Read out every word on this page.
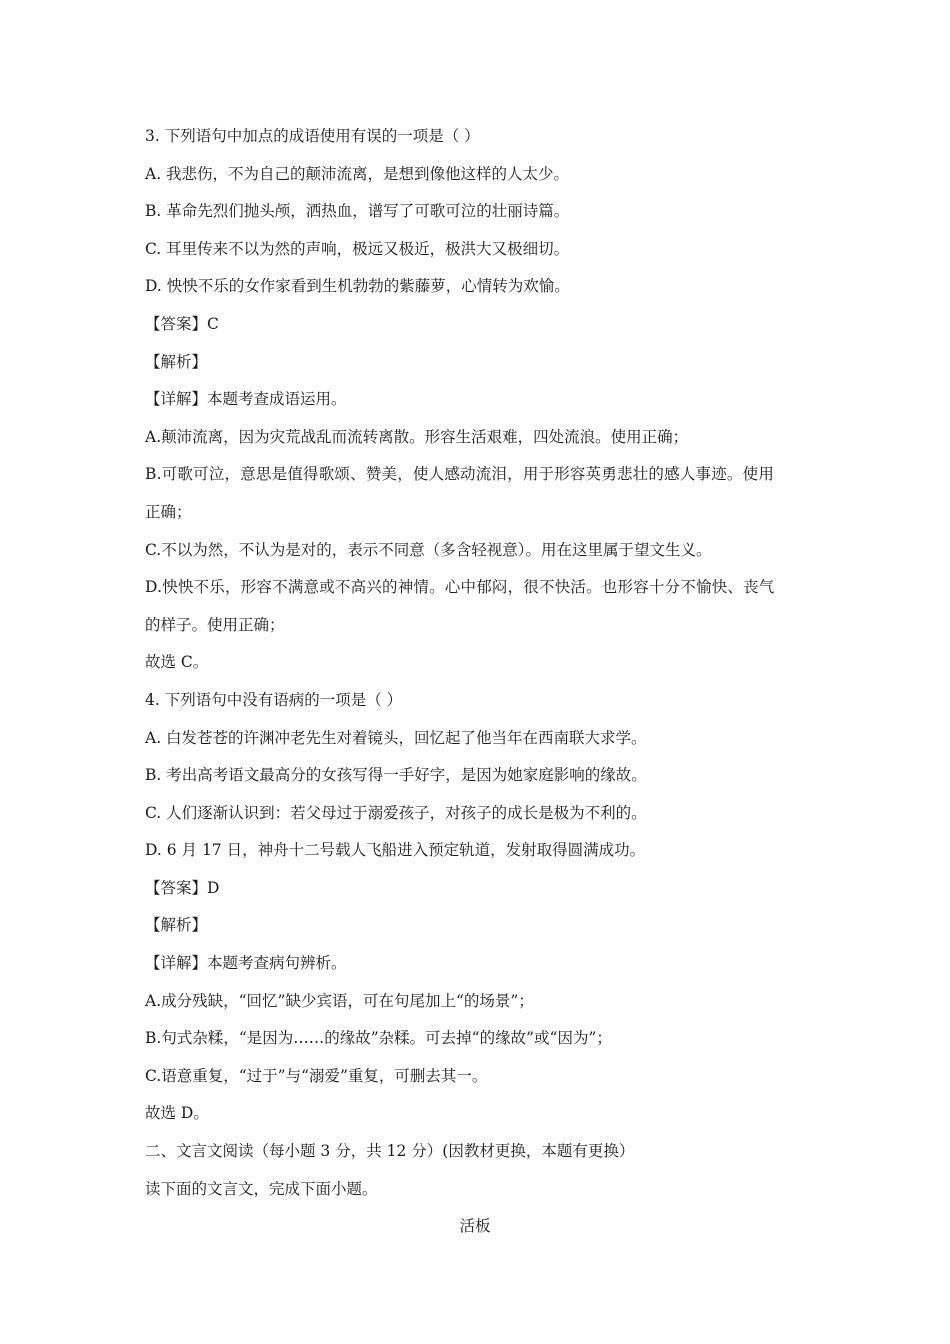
3. 下列语句中加点的成语使用有误的一项是（ ）
A. 我悲伤，不为自己的颠沛流离，是想到像他这样的人太少。
B. 革命先烈们抛头颅，洒热血，谱写了可歌可泣的壮丽诗篇。
C. 耳里传来不以为然的声响，极远又极近，极洪大又极细切。
D. 怏怏不乐的女作家看到生机勃勃的紫藤萝，心情转为欢愉。
【答案】C
【解析】
【详解】本题考查成语运用。
A.颠沛流离，因为灾荒战乱而流转离散。形容生活艰难，四处流浪。使用正确；
B.可歌可泣，意思是值得歌颂、赞美，使人感动流泪，用于形容英勇悲壮的感人事迹。使用
正确；
C.不以为然，不认为是对的，表示不同意（多含轻视意）。用在这里属于望文生义。
D.怏怏不乐，形容不满意或不高兴的神情。心中郁闷，很不快活。也形容十分不愉快、丧气
的样子。使用正确；
故选 C。
4. 下列语句中没有语病的一项是（ ）
A. 白发苍苍的许渊冲老先生对着镜头，回忆起了他当年在西南联大求学。
B. 考出高考语文最高分的女孩写得一手好字，是因为她家庭影响的缘故。
C. 人们逐渐认识到：若父母过于溺爱孩子，对孩子的成长是极为不利的。
D. 6 月 17 日，神舟十二号载人飞船进入预定轨道，发射取得圆满成功。
【答案】D
【解析】
【详解】本题考查病句辨析。
A.成分残缺，“回忆”缺少宾语，可在句尾加上“的场景”；
B.句式杂糅，“是因为……的缘故”杂糅。可去掉“的缘故”或“因为”；
C.语意重复，“过于”与“溺爱”重复，可删去其一。
故选 D。
二、文言文阅读（每小题 3 分，共 12 分）(因教材更换，本题有更换）
读下面的文言文，完成下面小题。
活板
